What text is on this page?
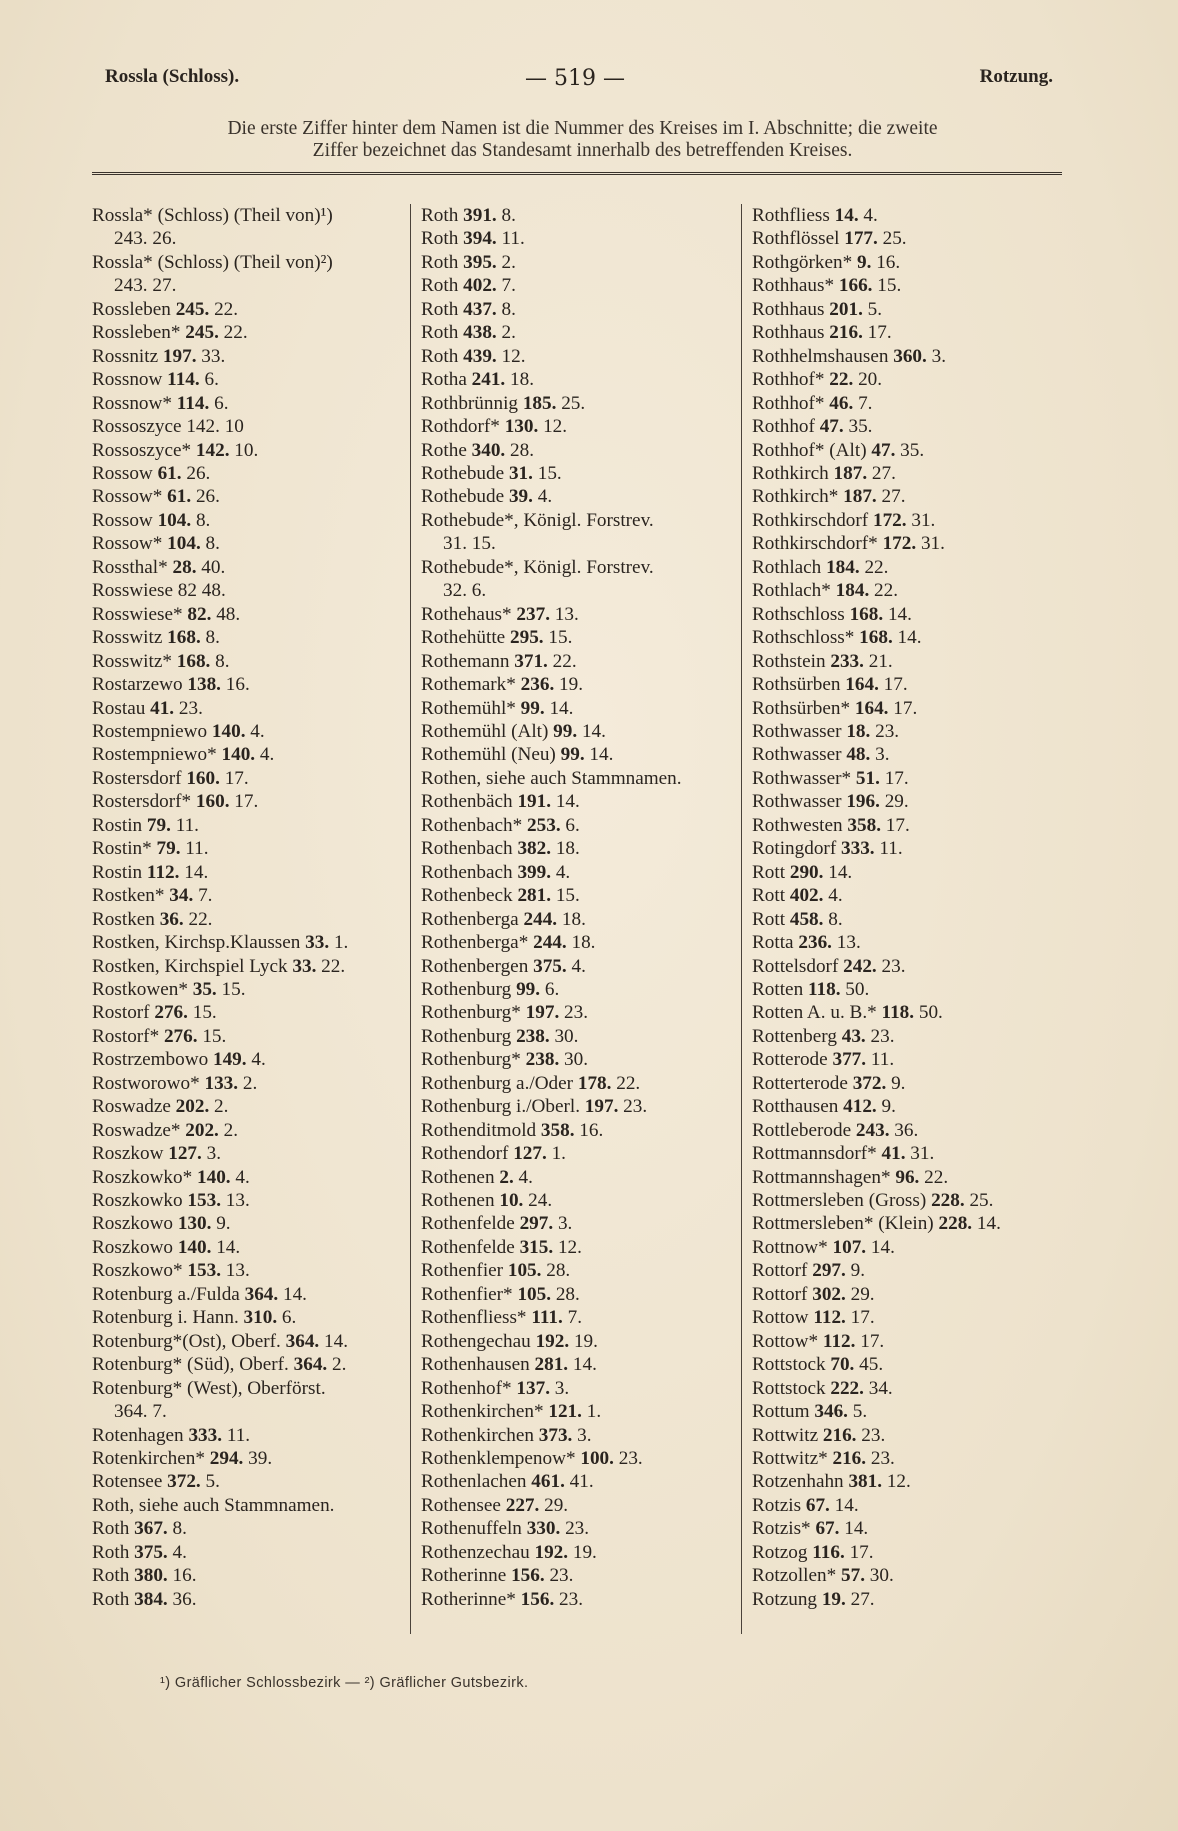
Rossla (Schloss).	— 519 —	Rotzung.
Die erste Ziffer hinter dem Namen ist die Nummer des Kreises im I. Abschnitte; die zweite
Ziffer bezeichnet das Standesamt innerhalb des betreffenden Kreises.
Rossla* (Schloss) (Theil von)¹)
243. 26.
Rossla* (Schloss) (Theil von)²)
243. 27.
Rossleben 245. 22.
Rossleben* 245. 22.
Rossnitz 197. 33.
Rossnow 114. 6.
Rossnow* 114. 6.
Rossoszyce 142. 10
Rossoszyce* 142. 10.
Rossow 61. 26.
Rossow* 61. 26.
Rossow 104. 8.
Rossow* 104. 8.
Rossthal* 28. 40.
Rosswiese 82 48.
Rosswiese* 82. 48.
Rosswitz 168. 8.
Rosswitz* 168. 8.
Rostarzewo 138. 16.
Rostau 41. 23.
Rostempniewo 140. 4.
Rostempniewo* 140. 4.
Rostersdorf 160. 17.
Rostersdorf* 160. 17.
Rostin 79. 11.
Rostin* 79. 11.
Rostin 112. 14.
Rostken* 34. 7.
Rostken 36. 22.
Rostken, Kirchsp.Klaussen 33. 1.
Rostken, Kirchspiel Lyck 33. 22.
Rostkowen* 35. 15.
Rostorf 276. 15.
Rostorf* 276. 15.
Rostrzembowo 149. 4.
Rostworowo* 133. 2.
Roswadze 202. 2.
Roswadze* 202. 2.
Roszkow 127. 3.
Roszkowko* 140. 4.
Roszkowko 153. 13.
Roszkowo 130. 9.
Roszkowo 140. 14.
Roszkowo* 153. 13.
Rotenburg a./Fulda 364. 14.
Rotenburg i. Hann. 310. 6.
Rotenburg*(Ost), Oberf. 364. 14.
Rotenburg* (Süd), Oberf. 364. 2.
Rotenburg* (West), Oberförst.
364. 7.
Rotenhagen 333. 11.
Rotenkirchen* 294. 39.
Rotensee 372. 5.
Roth, siehe auch Stammnamen.
Roth 367. 8.
Roth 375. 4.
Roth 380. 16.
Roth 384. 36.
Roth 391. 8.
Roth 394. 11.
Roth 395. 2.
Roth 402. 7.
Roth 437. 8.
Roth 438. 2.
Roth 439. 12.
Rotha 241. 18.
Rothbrünnig 185. 25.
Rothdorf* 130. 12.
Rothe 340. 28.
Rothebude 31. 15.
Rothebude 39. 4.
Rothebude*, Königl. Forstrev.
31. 15.
Rothebude*, Königl. Forstrev.
32. 6.
Rothehaus* 237. 13.
Rothehütte 295. 15.
Rothemann 371. 22.
Rothemark* 236. 19.
Rothemühl* 99. 14.
Rothemühl (Alt) 99. 14.
Rothemühl (Neu) 99. 14.
Rothen, siehe auch Stammnamen.
Rothenbäch 191. 14.
Rothenbach* 253. 6.
Rothenbach 382. 18.
Rothenbach 399. 4.
Rothenbeck 281. 15.
Rothenberga 244. 18.
Rothenberga* 244. 18.
Rothenbergen 375. 4.
Rothenburg 99. 6.
Rothenburg* 197. 23.
Rothenburg 238. 30.
Rothenburg* 238. 30.
Rothenburg a./Oder 178. 22.
Rothenburg i./Oberl. 197. 23.
Rothenditmold 358. 16.
Rothendorf 127. 1.
Rothenen 2. 4.
Rothenen 10. 24.
Rothenfelde 297. 3.
Rothenfelde 315. 12.
Rothenfier 105. 28.
Rothenfier* 105. 28.
Rothenfliess* 111. 7.
Rothengechau 192. 19.
Rothenhausen 281. 14.
Rothenhof* 137. 3.
Rothenkirchen* 121. 1.
Rothenkirchen 373. 3.
Rothenklempenow* 100. 23.
Rothenlachen 461. 41.
Rothensee 227. 29.
Rothenuffeln 330. 23.
Rothenzechau 192. 19.
Rotherinne 156. 23.
Rotherinne* 156. 23.
Rothfliess 14. 4.
Rothflössel 177. 25.
Rothgörken* 9. 16.
Rothhaus* 166. 15.
Rothhaus 201. 5.
Rothhaus 216. 17.
Rothhelmshausen 360. 3.
Rothhof* 22. 20.
Rothhof* 46. 7.
Rothhof 47. 35.
Rothhof* (Alt) 47. 35.
Rothkirch 187. 27.
Rothkirch* 187. 27.
Rothkirschdorf 172. 31.
Rothkirschdorf* 172. 31.
Rothlach 184. 22.
Rothlach* 184. 22.
Rothschloss 168. 14.
Rothschloss* 168. 14.
Rothstein 233. 21.
Rothsürben 164. 17.
Rothsürben* 164. 17.
Rothwasser 18. 23.
Rothwasser 48. 3.
Rothwasser* 51. 17.
Rothwasser 196. 29.
Rothwesten 358. 17.
Rotingdorf 333. 11.
Rott 290. 14.
Rott 402. 4.
Rott 458. 8.
Rotta 236. 13.
Rottelsdorf 242. 23.
Rotten 118. 50.
Rotten A. u. B.* 118. 50.
Rottenberg 43. 23.
Rotterode 377. 11.
Rotterterode 372. 9.
Rotthausen 412. 9.
Rottleberode 243. 36.
Rottmannsdorf* 41. 31.
Rottmannshagen* 96. 22.
Rottmersleben (Gross) 228. 25.
Rottmersleben* (Klein) 228. 14.
Rottnow* 107. 14.
Rottorf 297. 9.
Rottorf 302. 29.
Rottow 112. 17.
Rottow* 112. 17.
Rottstock 70. 45.
Rottstock 222. 34.
Rottum 346. 5.
Rottwitz 216. 23.
Rottwitz* 216. 23.
Rotzenhahn 381. 12.
Rotzis 67. 14.
Rotzis* 67. 14.
Rotzog 116. 17.
Rotzollen* 57. 30.
Rotzung 19. 27.
¹) Gräflicher Schlossbezirk — ²) Gräflicher Gutsbezirk.
